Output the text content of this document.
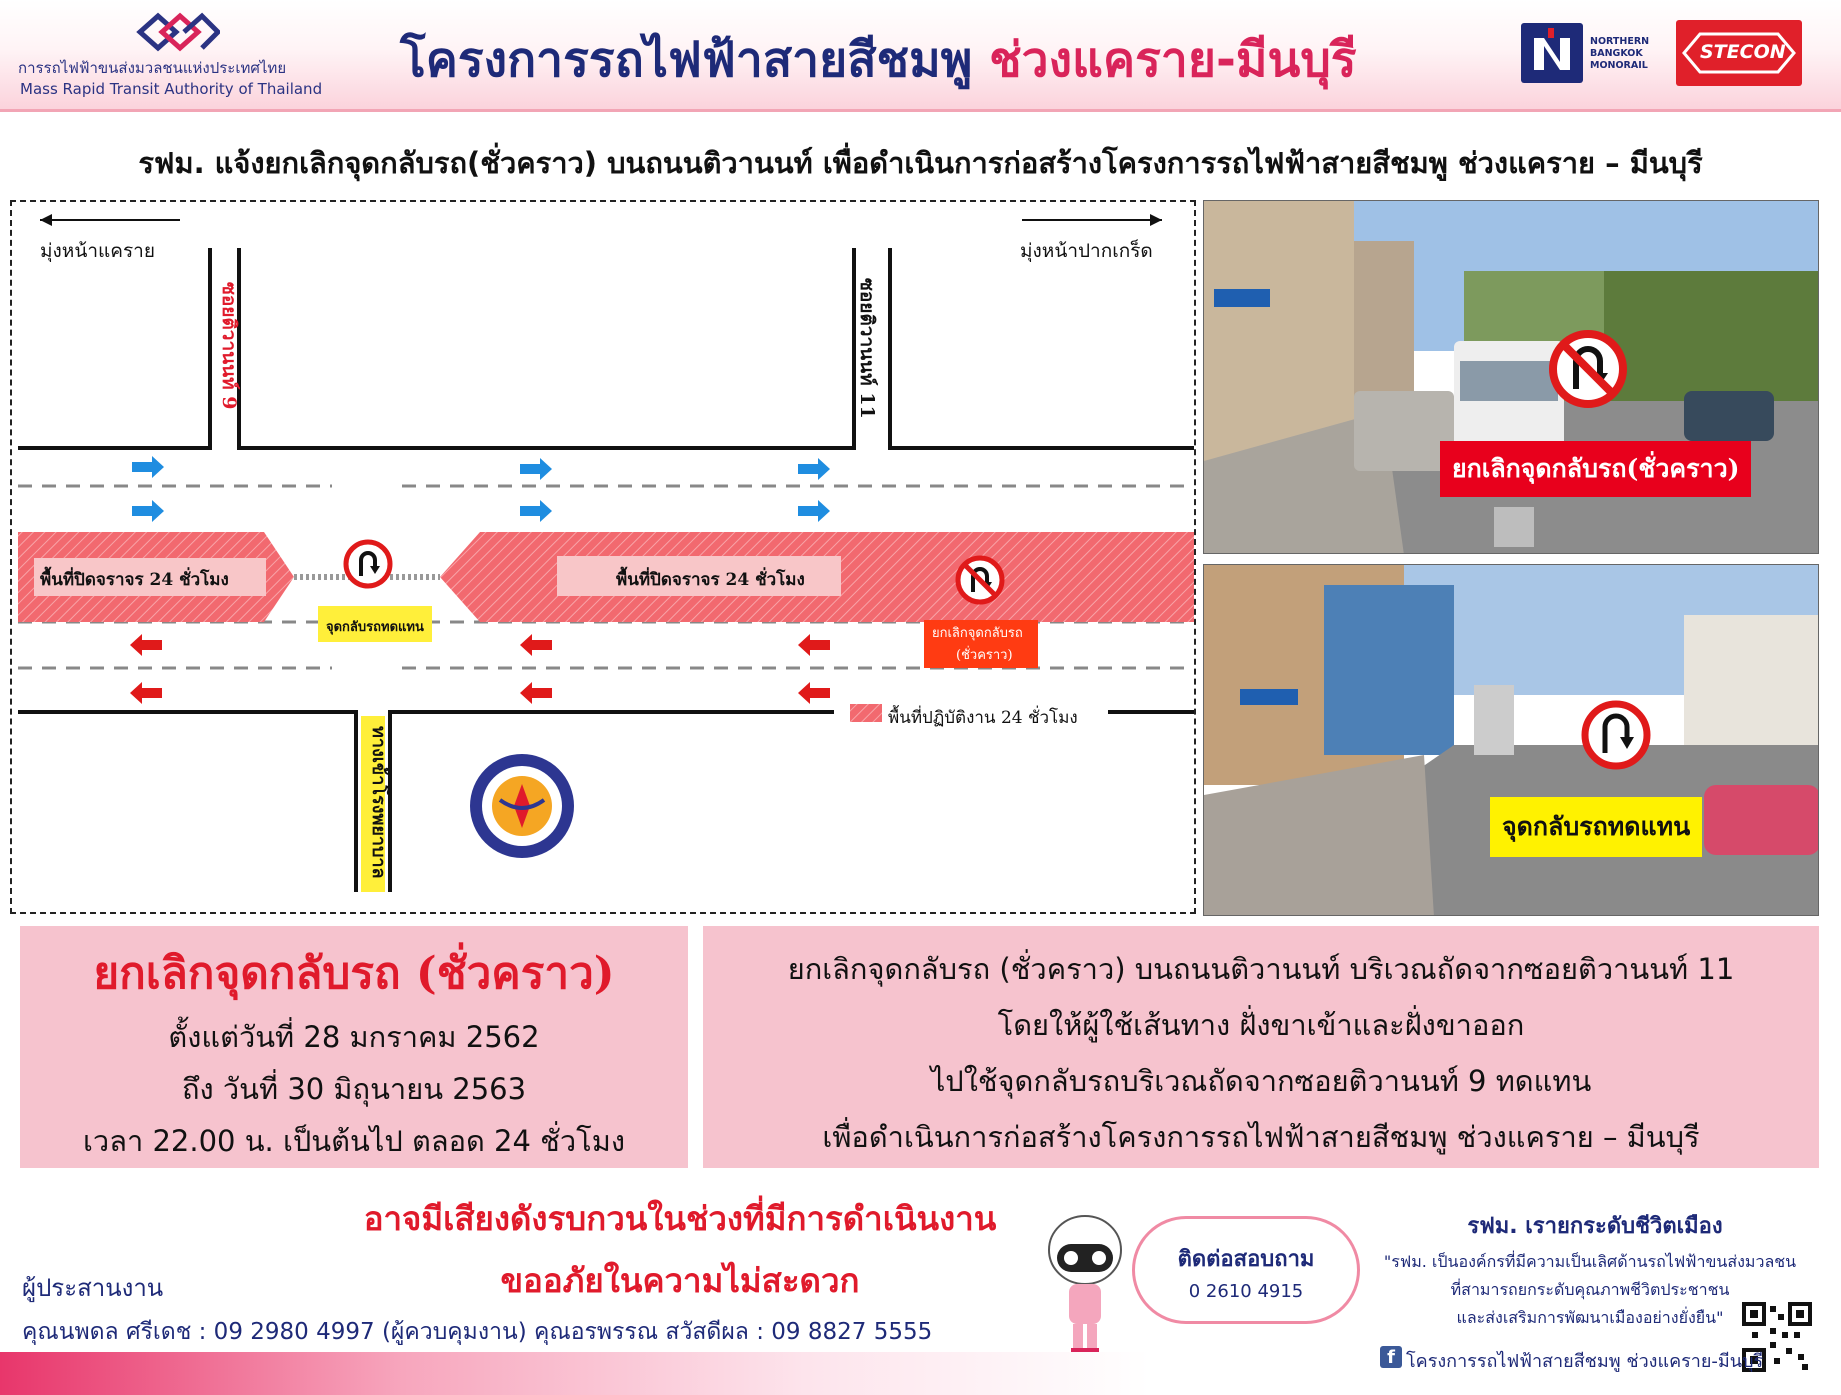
การรถไฟฟ้าขนส่งมวลชนแห่งประเทศไทย
Mass Rapid Transit Authority of Thailand
โครงการรถไฟฟ้าสายสีชมพู ช่วงแคราย-มีนบุรี	NORTHERN
BANGKOK
MONORAIL
STECON
รฟม. แจ้งยกเลิกจุดกลับรถ(ชั่วคราว) บนถนนติวานนท์ เพื่อดำเนินการก่อสร้างโครงการรถไฟฟ้าสายสีชมพู ช่วงแคราย – มีนบุรี
มุ่งหน้าแคราย	มุ่งหน้าปากเกร็ด
ซอยติวานนท์ 9	ซอยติวานนท์ 11
พื้นที่ปิดจราจร 24 ชั่วโมง	พื้นที่ปิดจราจร 24 ชั่วโมง
จุดกลับรถทดแทน	ยกเลิกจุดกลับรถ
(ชั่วคราว)
ทางเข้าโรงพยาบาล
พื้นที่ปฏิบัติงาน 24 ชั่วโมง
ยกเลิกจุดกลับรถ(ชั่วคราว)
จุดกลับรถทดแทน
ยกเลิกจุดกลับรถ (ชั่วคราว)
ตั้งแต่วันที่ 28 มกราคม 2562
ถึง วันที่ 30 มิถุนายน 2563
เวลา 22.00 น. เป็นต้นไป ตลอด 24 ชั่วโมง
ยกเลิกจุดกลับรถ (ชั่วคราว) บนถนนติวานนท์ บริเวณถัดจากซอยติวานนท์ 11
โดยให้ผู้ใช้เส้นทาง ฝั่งขาเข้าและฝั่งขาออก
ไปใช้จุดกลับรถบริเวณถัดจากซอยติวานนท์ 9 ทดแทน
เพื่อดำเนินการก่อสร้างโครงการรถไฟฟ้าสายสีชมพู ช่วงแคราย – มีนบุรี
อาจมีเสียงดังรบกวนในช่วงที่มีการดำเนินงาน
ขออภัยในความไม่สะดวก
ผู้ประสานงาน
คุณนพดล ศรีเดช : 09 2980 4997 (ผู้ควบคุมงาน) คุณอรพรรณ สวัสดีผล : 09 8827 5555
ติดต่อสอบถาม
0 2610 4915
รฟม. เรายกระดับชีวิตเมือง
"รฟม. เป็นองค์กรที่มีความเป็นเลิศด้านรถไฟฟ้าขนส่งมวลชน
ที่สามารถยกระดับคุณภาพชีวิตประชาชน
และส่งเสริมการพัฒนาเมืองอย่างยั่งยืน"
f โครงการรถไฟฟ้าสายสีชมพู ช่วงแคราย-มีนบุรี
